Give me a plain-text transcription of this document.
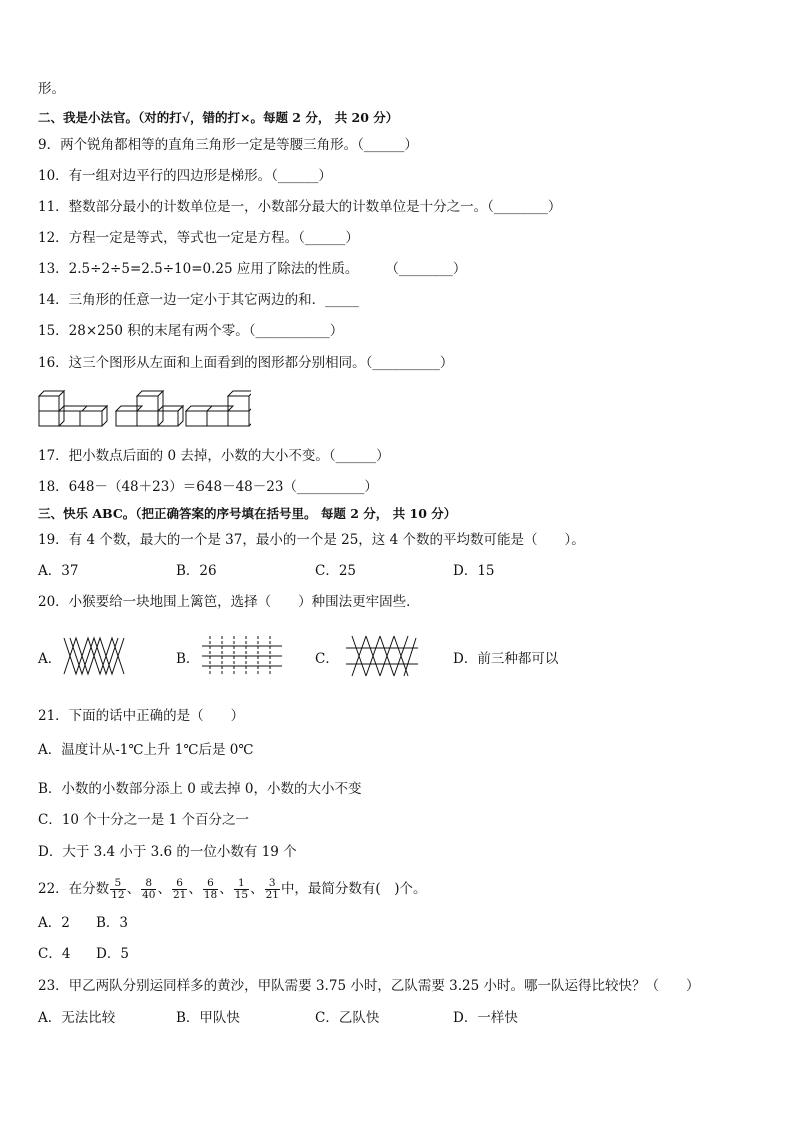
形。
二、我是小法官。（对的打√，错的打×。每题 2 分， 共 20 分）
9．两个锐角都相等的直角三角形一定是等腰三角形。（______）
10．有一组对边平行的四边形是梯形。（______）
11．整数部分最小的计数单位是一，小数部分最大的计数单位是十分之一。（________）
12．方程一定是等式，等式也一定是方程。（______）
13．2.5÷2÷5=2.5÷10=0.25 应用了除法的性质。　　　（________）
14．三角形的任意一边一定小于其它两边的和．_____
15．28×250 积的末尾有两个零。（___________）
16．这三个图形从左面和上面看到的图形都分别相同。（__________）
17．把小数点后面的 0 去掉，小数的大小不变。（______）
18．648－（48＋23）＝648－48－23（__________）
三、快乐 ABC。（把正确答案的序号填在括号里。 每题 2 分， 共 10 分）
19．有 4 个数，最大的一个是 37，最小的一个是 25，这 4 个数的平均数可能是（　　）。
A．37	B．26	C．25	D．15
20．小猴要给一块地围上篱笆，选择（　　）种围法更牢固些．
A．	B．	C．	D．前三种都可以
21．下面的话中正确的是（　　）
A．温度计从-1℃上升 1℃后是 0℃
B．小数的小数部分添上 0 或去掉 0，小数的大小不变
C．10 个十分之一是 1 个百分之一
D．大于 3.4 小于 3.6 的一位小数有 19 个
22．在分数 $\frac{5}{12}$ 、 $\frac{8}{40}$ 、 $\frac{6}{21}$ 、 $\frac{6}{18}$ 、 $\frac{1}{15}$ 、 $\frac{3}{21}$ 中，最简分数有(　)个。
A．2 B．3
C．4 D．5
23．甲乙两队分别运同样多的黄沙，甲队需要 3.75 小时，乙队需要 3.25 小时。哪一队运得比较快？（　　）
A．无法比较	B．甲队快	C．乙队快	D．一样快
